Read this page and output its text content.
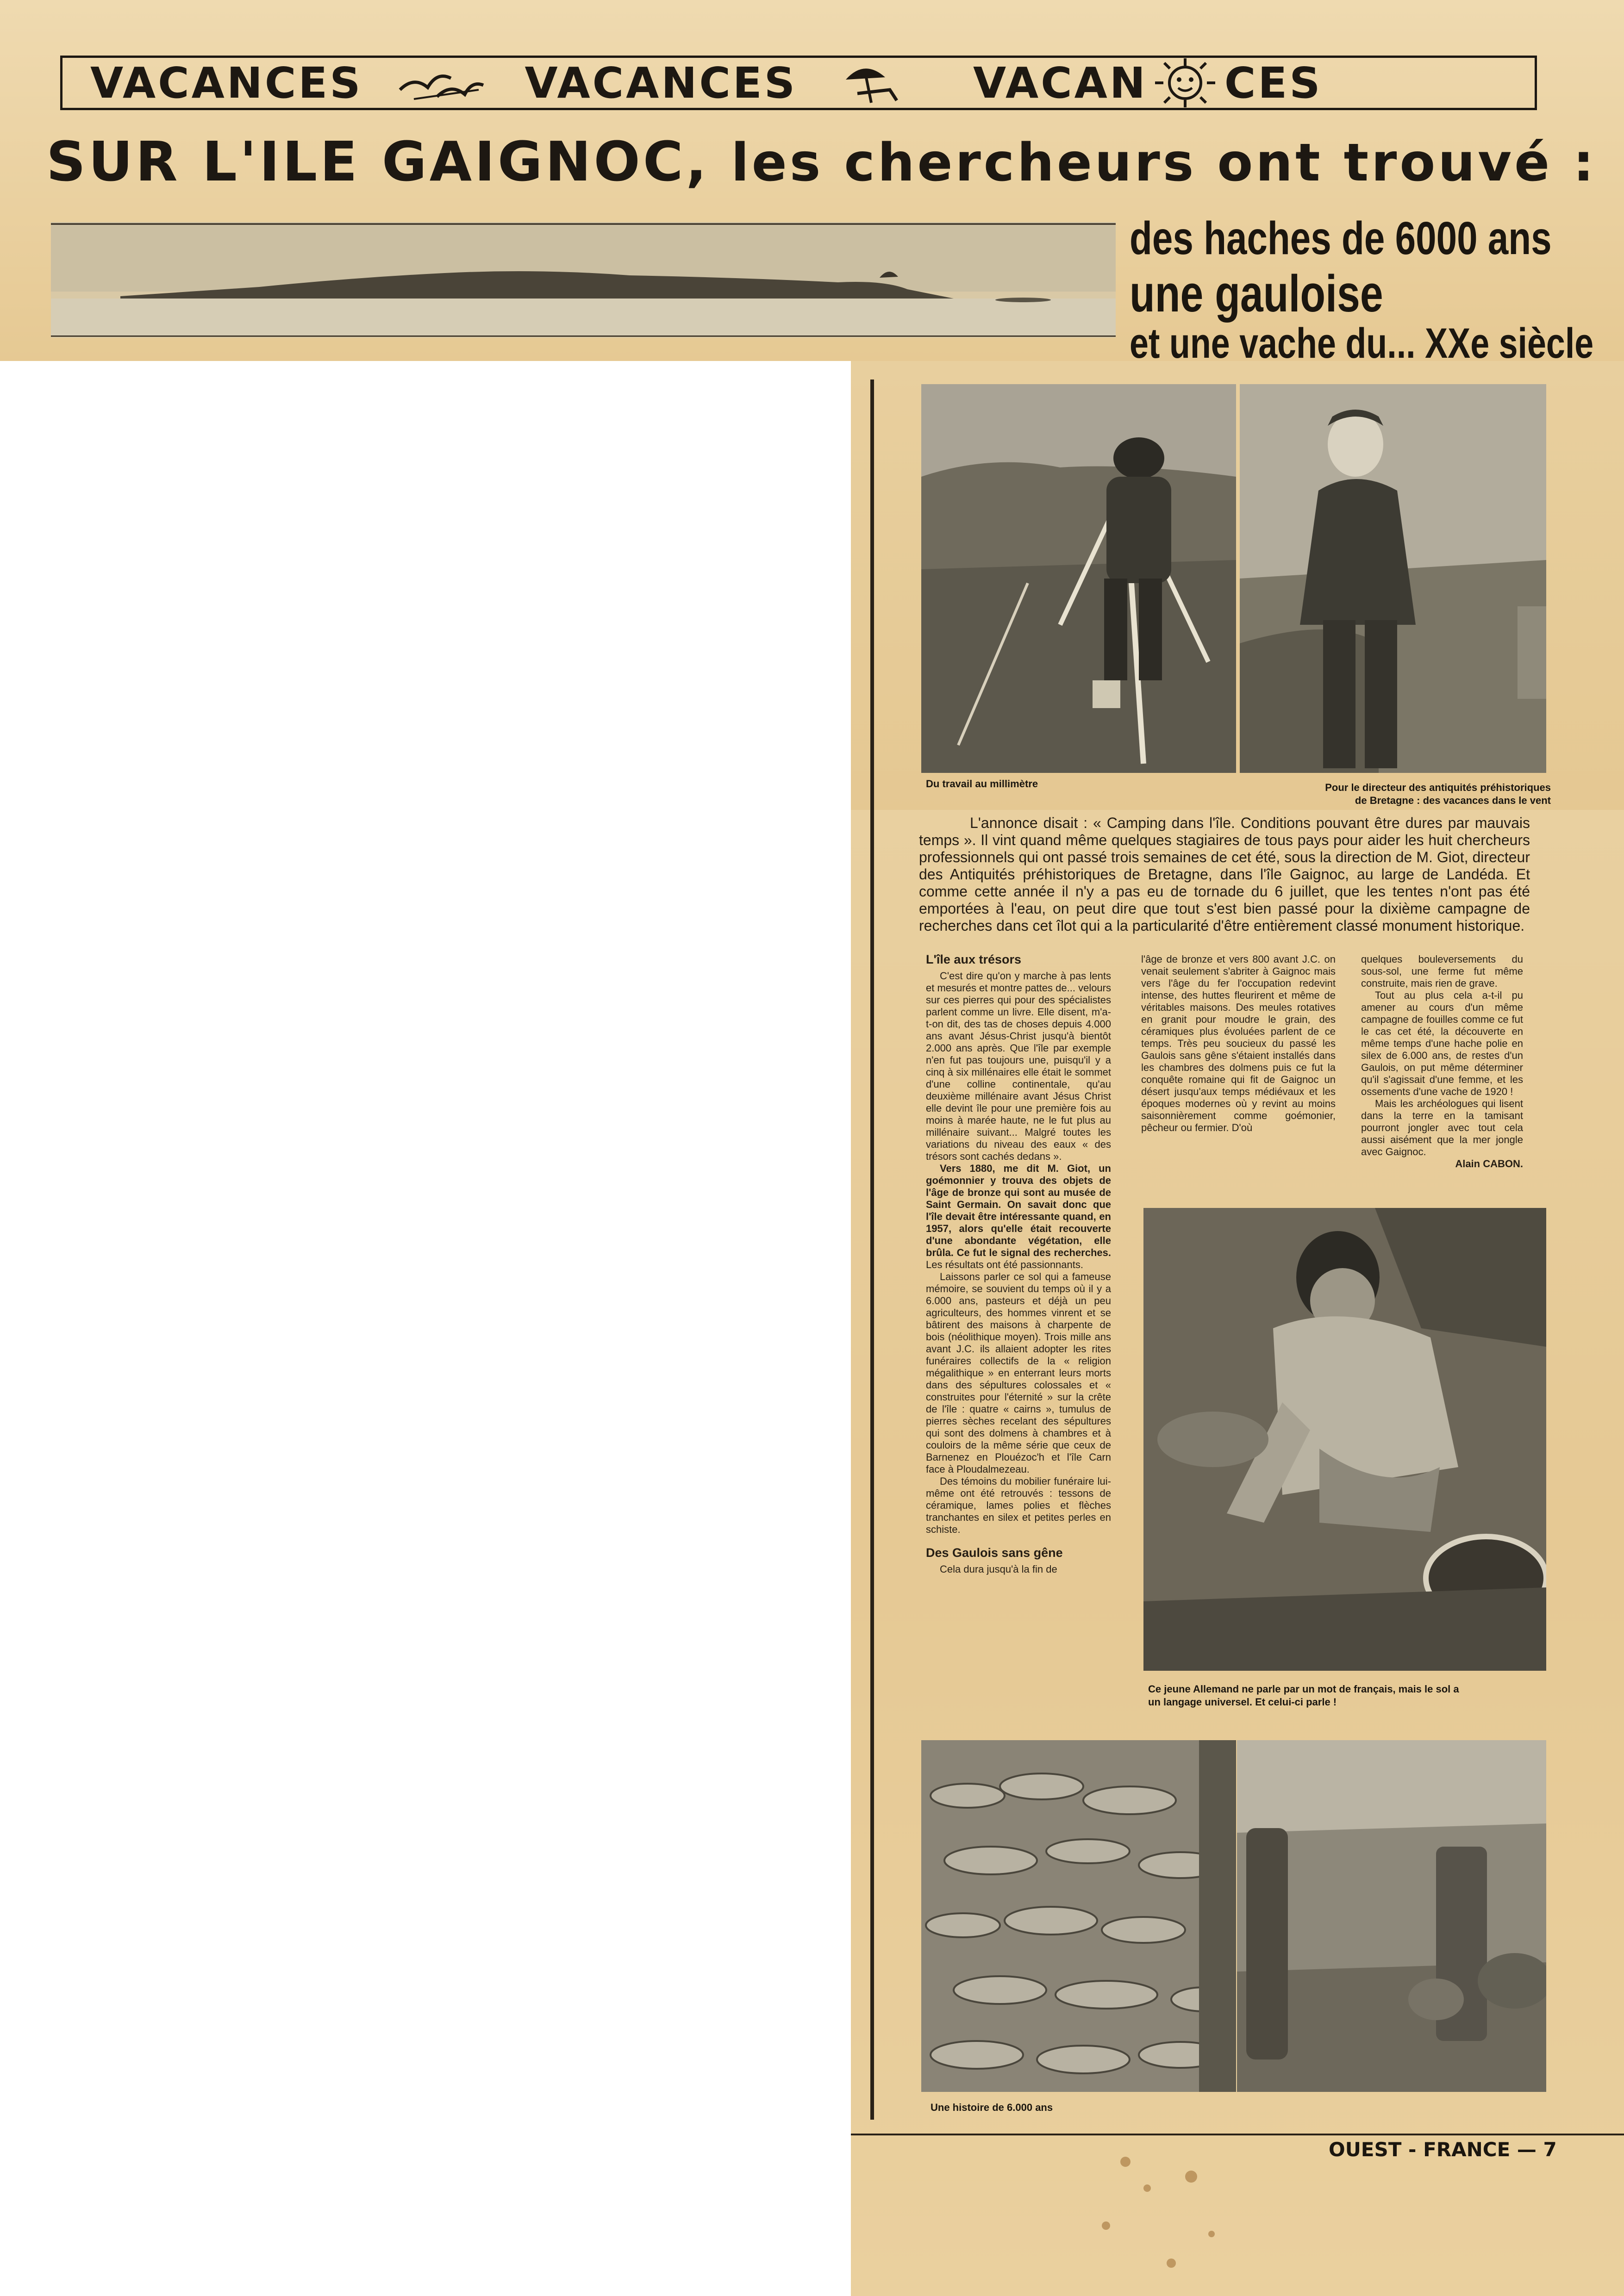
VACANCES	VACANCES	VACAN CES
SUR L'ILE GAIGNOC, les chercheurs ont trouvé :
des haches de 6000 ans
une gauloise
et une vache du... XXe siècle
Du travail au millimètre	Pour le directeur des antiquités préhistoriques
de Bretagne : des vacances dans le vent

L'annonce disait : « Camping dans l'île. Conditions pouvant être dures par mauvais temps ». Il vint quand même quelques stagiaires de tous pays pour aider les huit chercheurs professionnels qui ont passé trois semaines de cet été, sous la direction de M. Giot, directeur des Antiquités préhistoriques de Bretagne, dans l'île Gaignoc, au large de Landéda. Et comme cette année il n'y a pas eu de tornade du 6 juillet, que les tentes n'ont pas été emportées à l'eau, on peut dire que tout s'est bien passé pour la dixième campagne de recherches dans cet îlot qui a la particularité d'être entièrement classé monument historique.

L'île aux trésors

C'est dire qu'on y marche à pas lents et mesurés et montre pattes de... velours sur ces pierres qui pour des spécialistes parlent comme un livre. Elle disent, m'a-t-on dit, des tas de choses depuis 4.000 ans avant Jésus-Christ jusqu'à bientôt 2.000 ans après. Que l'île par exemple n'en fut pas toujours une, puisqu'il y a cinq à six millénaires elle était le sommet d'une colline continentale, qu'au deuxième millénaire avant Jésus Christ elle devint île pour une première fois au moins à marée haute, ne le fut plus au millénaire suivant... Malgré toutes les variations du niveau des eaux « des trésors sont cachés dedans ».

Vers 1880, me dit M. Giot, un goémonnier y trouva des objets de l'âge de bronze qui sont au musée de Saint Germain. On savait donc que l'île devait être intéressante quand, en 1957, alors qu'elle était recouverte d'une abondante végétation, elle brûla. Ce fut le signal des recherches. Les résultats ont été passionnants.

Laissons parler ce sol qui a fameuse mémoire, se souvient du temps où il y a 6.000 ans, pasteurs et déjà un peu agriculteurs, des hommes vinrent et se bâtirent des maisons à charpente de bois (néolithique moyen). Trois mille ans avant J.C. ils allaient adopter les rites funéraires collectifs de la « religion mégalithique » en enterrant leurs morts dans des sépultures colossales et « construites pour l'éternité » sur la crête de l'île : quatre « cairns », tumulus de pierres sèches recelant des sépultures qui sont des dolmens à chambres et à couloirs de la même série que ceux de Barnenez en Plouézoc'h et l'île Carn face à Ploudalmezeau.

Des témoins du mobilier funéraire lui-même ont été retrouvés : tessons de céramique, lames polies et flèches tranchantes en silex et petites perles en schiste.

Des Gaulois sans gêne

Cela dura jusqu'à la fin de

l'âge de bronze et vers 800 avant J.C. on venait seulement s'abriter à Gaignoc mais vers l'âge du fer l'occupation redevint intense, des huttes fleurirent et même de véritables maisons. Des meules rotatives en granit pour moudre le grain, des céramiques plus évoluées parlent de ce temps. Très peu soucieux du passé les Gaulois sans gêne s'étaient installés dans les chambres des dolmens puis ce fut la conquête romaine qui fit de Gaignoc un désert jusqu'aux temps médiévaux et les époques modernes où y revint au moins saisonnièrement comme goémonier, pêcheur ou fermier. D'où

quelques bouleversements du sous-sol, une ferme fut même construite, mais rien de grave.

Tout au plus cela a-t-il pu amener au cours d'un même campagne de fouilles comme ce fut le cas cet été, la découverte en même temps d'une hache polie en silex de 6.000 ans, de restes d'un Gaulois, on put même déterminer qu'il s'agissait d'une femme, et les ossements d'une vache de 1920 !

Mais les archéologues qui lisent dans la terre en la tamisant pourront jongler avec tout cela aussi aisément que la mer jongle avec Gaignoc.

Alain CABON.

Ce jeune Allemand ne parle par un mot de français, mais le sol a
un langage universel. Et celui-ci parle !
Une histoire de 6.000 ans
OUEST - FRANCE — 7
